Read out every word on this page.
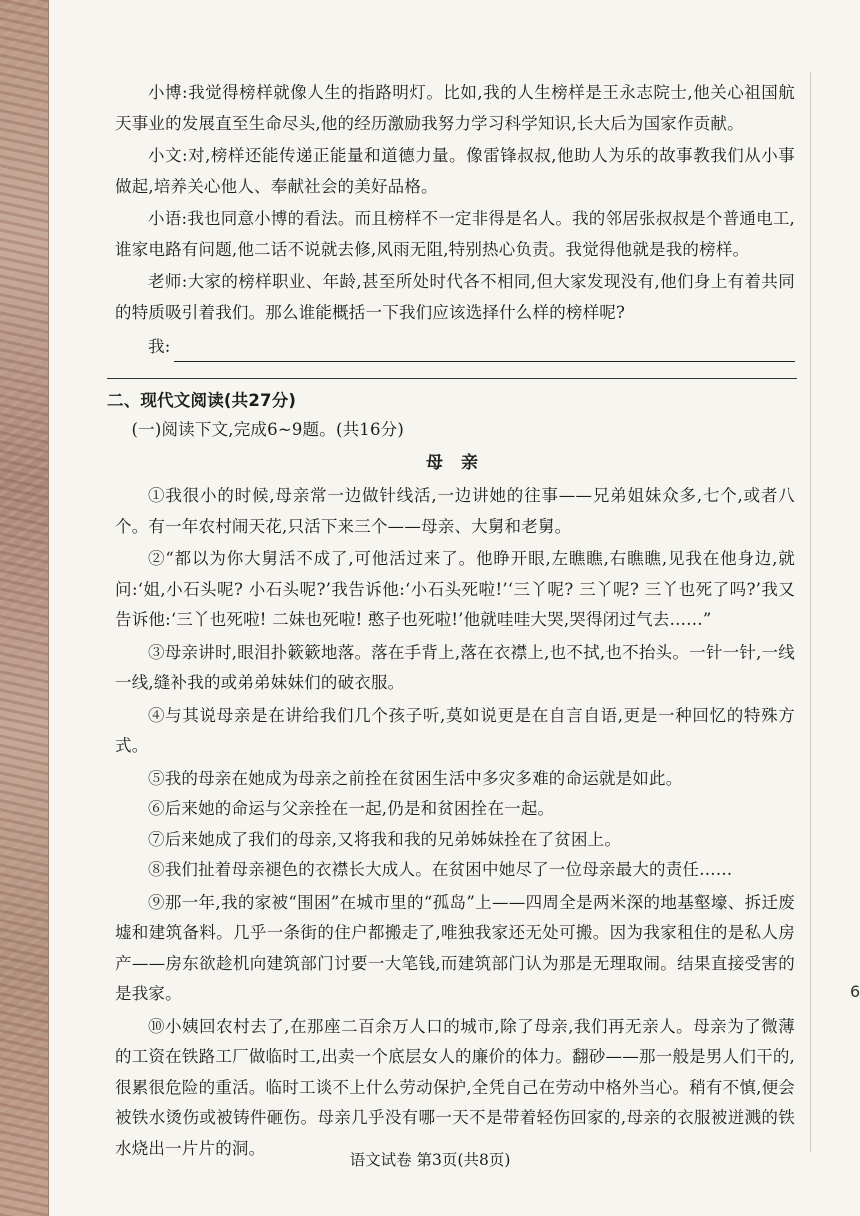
6

小博:我觉得榜样就像人生的指路明灯。比如,我的人生榜样是王永志院士,他关心祖国航天事业的发展直至生命尽头,他的经历激励我努力学习科学知识,长大后为国家作贡献。

小文:对,榜样还能传递正能量和道德力量。像雷锋叔叔,他助人为乐的故事教我们从小事做起,培养关心他人、奉献社会的美好品格。

小语:我也同意小博的看法。而且榜样不一定非得是名人。我的邻居张叔叔是个普通电工,谁家电路有问题,他二话不说就去修,风雨无阻,特别热心负责。我觉得他就是我的榜样。

老师:大家的榜样职业、年龄,甚至所处时代各不相同,但大家发现没有,他们身上有着共同的特质吸引着我们。那么谁能概括一下我们应该选择什么样的榜样呢?

我:
二、现代文阅读(共27分)

(一)阅读下文,完成6~9题。(共16分)

母 亲

①我很小的时候,母亲常一边做针线活,一边讲她的往事——兄弟姐妹众多,七个,或者八个。有一年农村闹天花,只活下来三个——母亲、大舅和老舅。

②“都以为你大舅活不成了,可他活过来了。他睁开眼,左瞧瞧,右瞧瞧,见我在他身边,就问:‘姐,小石头呢? 小石头呢?’我告诉他:‘小石头死啦!’‘三丫呢? 三丫呢? 三丫也死了吗?’我又告诉他:‘三丫也死啦! 二妹也死啦! 憨子也死啦!’他就哇哇大哭,哭得闭过气去……”

③母亲讲时,眼泪扑簌簌地落。落在手背上,落在衣襟上,也不拭,也不抬头。一针一针,一线一线,缝补我的或弟弟妹妹们的破衣服。

④与其说母亲是在讲给我们几个孩子听,莫如说更是在自言自语,更是一种回忆的特殊方式。

⑤我的母亲在她成为母亲之前拴在贫困生活中多灾多难的命运就是如此。

⑥后来她的命运与父亲拴在一起,仍是和贫困拴在一起。

⑦后来她成了我们的母亲,又将我和我的兄弟姊妹拴在了贫困上。

⑧我们扯着母亲褪色的衣襟长大成人。在贫困中她尽了一位母亲最大的责任……

⑨那一年,我的家被“围困”在城市里的“孤岛”上——四周全是两米深的地基壑壕、拆迁废墟和建筑备料。几乎一条街的住户都搬走了,唯独我家还无处可搬。因为我家租住的是私人房产——房东欲趁机向建筑部门讨要一大笔钱,而建筑部门认为那是无理取闹。结果直接受害的是我家。

⑩小姨回农村去了,在那座二百余万人口的城市,除了母亲,我们再无亲人。母亲为了微薄的工资在铁路工厂做临时工,出卖一个底层女人的廉价的体力。翻砂——那一般是男人们干的,很累很危险的重活。临时工谈不上什么劳动保护,全凭自己在劳动中格外当心。稍有不慎,便会被铁水烫伤或被铸件砸伤。母亲几乎没有哪一天不是带着轻伤回家的,母亲的衣服被迸溅的铁水烧出一片片的洞。

语文试卷 第3页(共8页)
